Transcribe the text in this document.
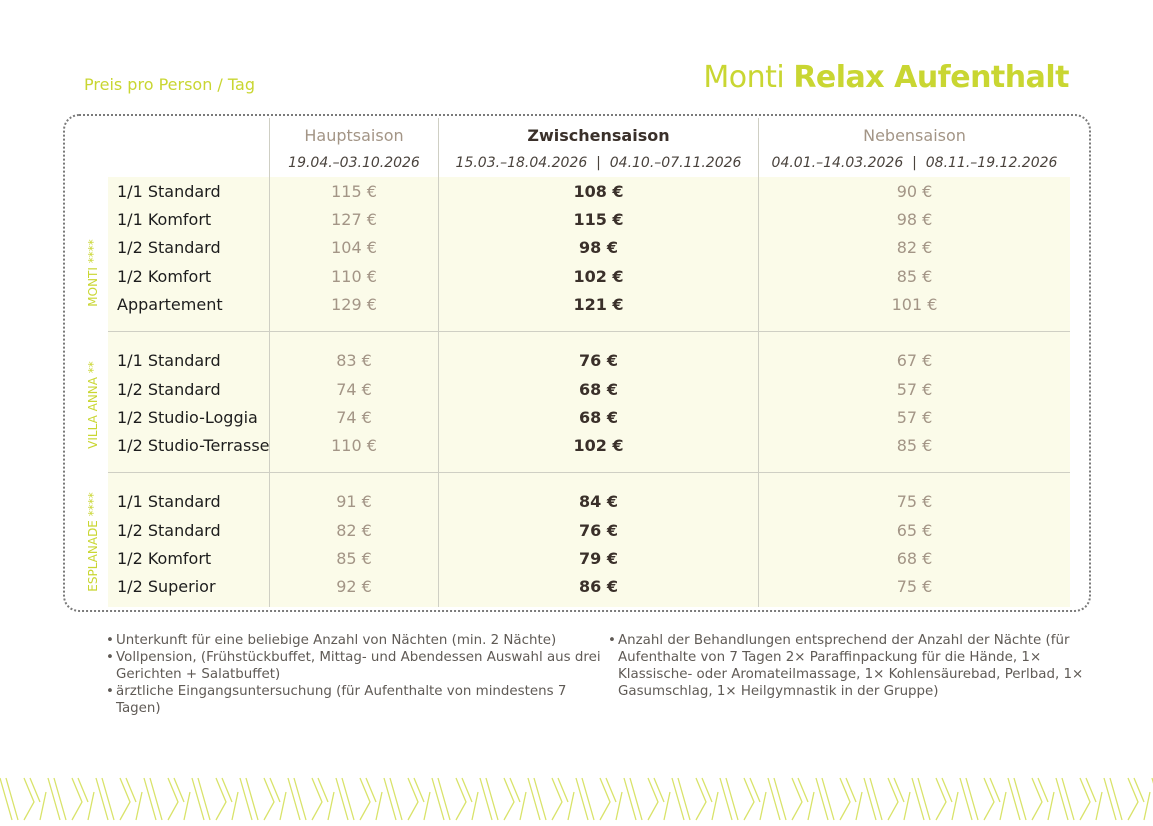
Preis pro Person / Tag	Monti Relax Aufenthalt
Hauptsaison	Zwischensaison	Nebensaison
19.04.–03.10.2026	15.03.–18.04.2026  |  04.10.–07.11.2026	04.01.–14.03.2026  |  08.11.–19.12.2026
MONTI ****
VILLA ANNA **
ESPLANADE ****
1/1 Standard	115 €	108 €	90 €
1/1 Komfort	127 €	115 €	98 €
1/2 Standard	104 €	98 €	82 €
1/2 Komfort	110 €	102 €	85 €
Appartement	129 €	121 €	101 €
1/1 Standard	83 €	76 €	67 €
1/2 Standard	74 €	68 €	57 €
1/2 Studio-Loggia	74 €	68 €	57 €
1/2 Studio-Terrasse	110 €	102 €	85 €
1/1 Standard	91 €	84 €	75 €
1/2 Standard	82 €	76 €	65 €
1/2 Komfort	85 €	79 €	68 €
1/2 Superior	92 €	86 €	75 €
• Unterkunft für eine beliebige Anzahl von Nächten (min. 2 Nächte)
• Vollpension, (Frühstückbuffet, Mittag- und Abendessen Auswahl aus drei Gerichten + Salatbuffet)
• ärztliche Eingangsuntersuchung (für Aufenthalte von mindestens 7 Tagen)
• Anzahl der Behandlungen entsprechend der Anzahl der Nächte (für Aufenthalte von 7 Tagen 2× Paraffinpackung für die Hände, 1× Klassische- oder Aromateilmassage, 1× Kohlensäurebad, Perlbad, 1× Gasumschlag, 1× Heilgymnastik in der Gruppe)
